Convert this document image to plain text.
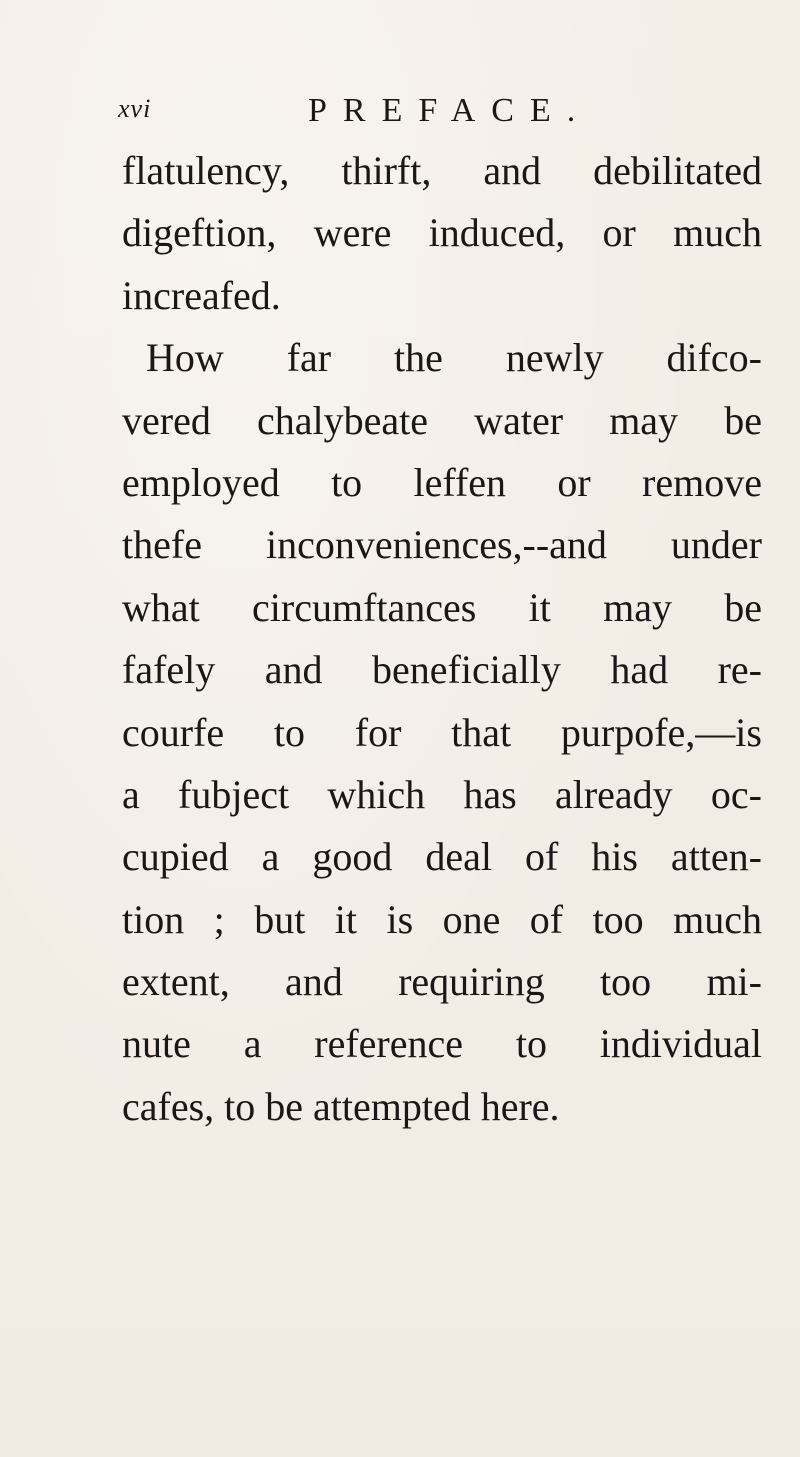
xvi	PREFACE.
flatulency, thirft, and debilitated
digeftion, were induced, or much
increafed.
How far the newly difco-
vered chalybeate water may be
employed to leffen or remove
thefe inconveniences,--and under
what circumftances it may be
fafely and beneficially had re-
courfe to for that purpofe,—is
a fubject which has already oc-
cupied a good deal of his atten-
tion ; but it is one of too much
extent, and requiring too mi-
nute a reference to individual
cafes, to be attempted here.
